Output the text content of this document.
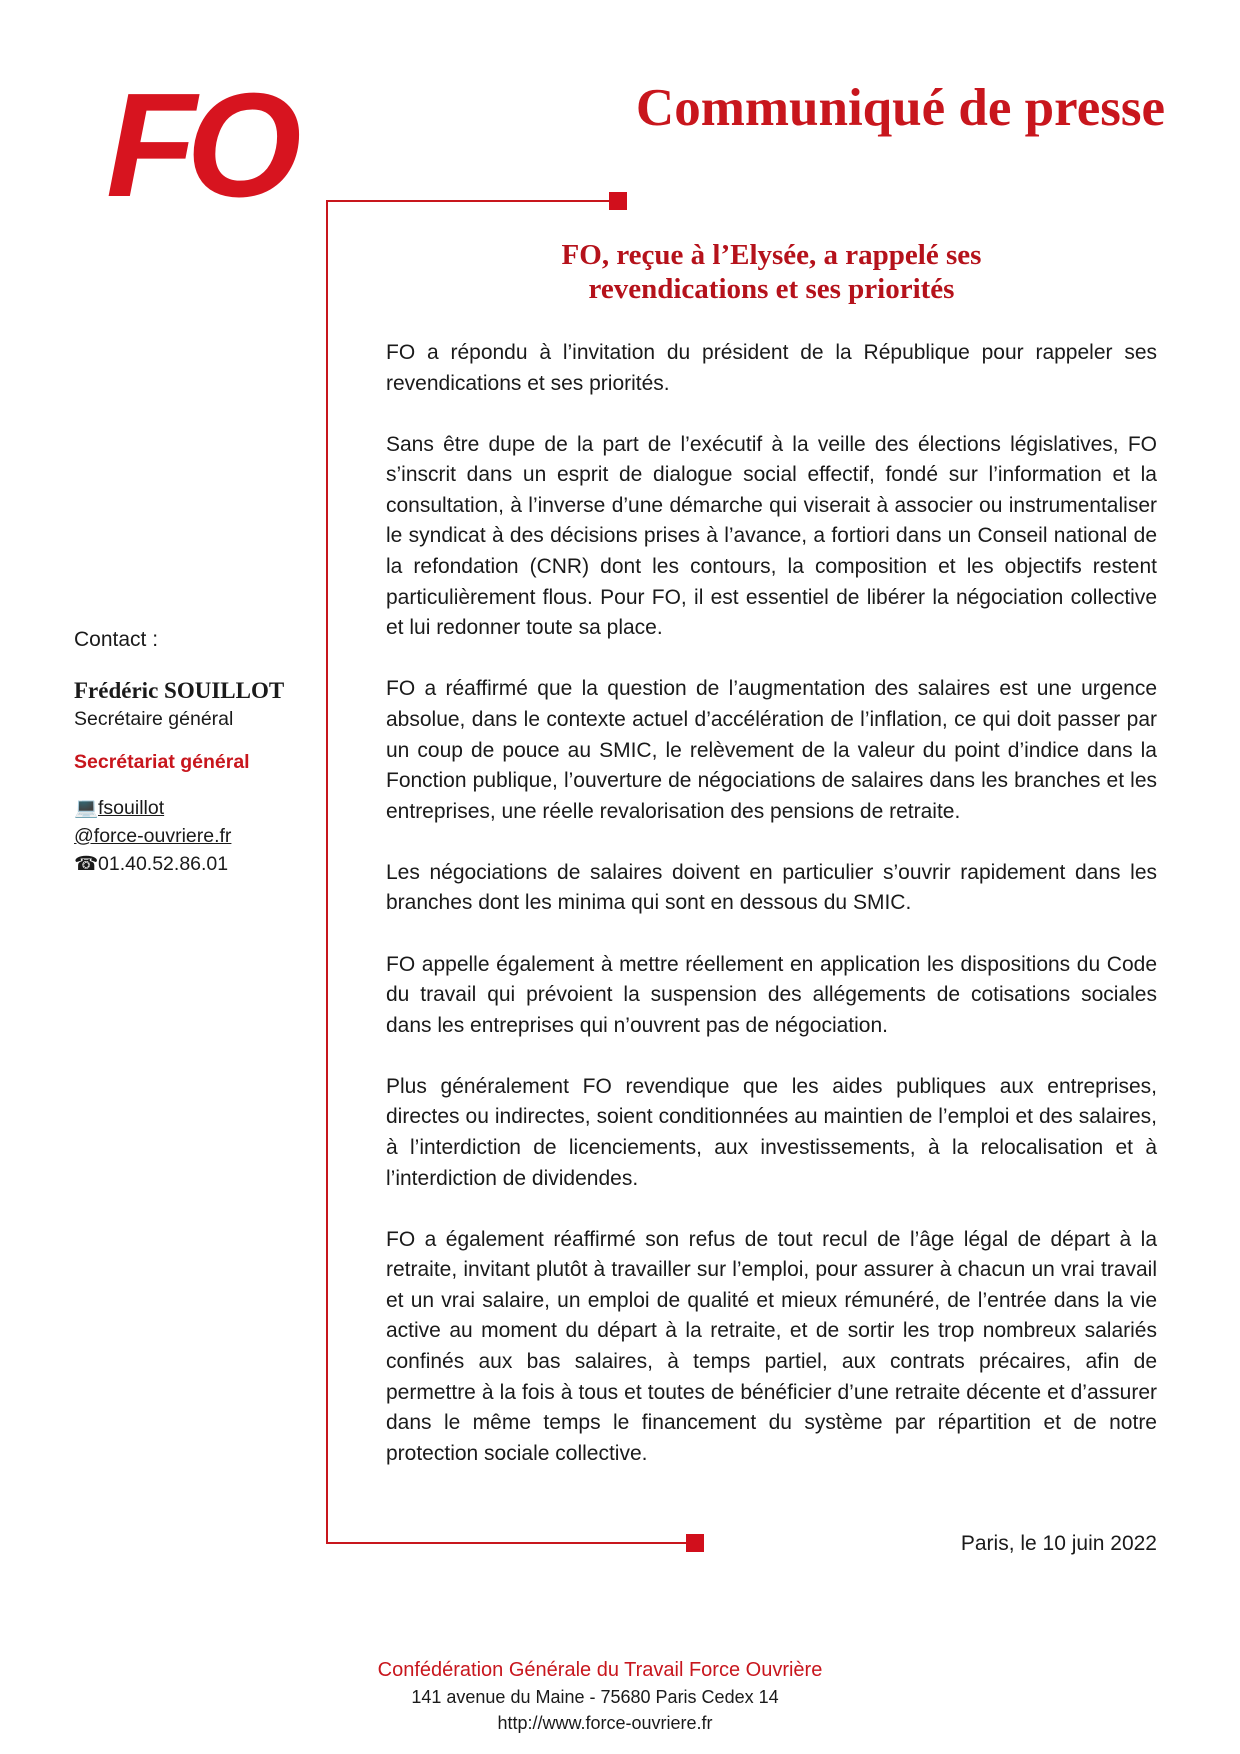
FO	Communiqué de presse

Contact :

Frédéric SOUILLOT

Secrétaire général

Secrétariat général

💻fsouillot
@force-ouvriere.fr
☎01.40.52.86.01
FO, reçue à l’Elysée, a rappelé ses
revendications et ses priorités

FO a répondu à l’invitation du président de la République pour rappeler ses revendications et ses priorités.

Sans être dupe de la part de l’exécutif à la veille des élections législatives, FO s’inscrit dans un esprit de dialogue social effectif, fondé sur l’information et la consultation, à l’inverse d’une démarche qui viserait à associer ou instrumentaliser le syndicat à des décisions prises à l’avance, a fortiori dans un Conseil national de la refondation (CNR) dont les contours, la composition et les objectifs restent particulièrement flous. Pour FO, il est essentiel de libérer la négociation collective et lui redonner toute sa place.

FO a réaffirmé que la question de l’augmentation des salaires est une urgence absolue, dans le contexte actuel d’accélération de l’inflation, ce qui doit passer par un coup de pouce au SMIC, le relèvement de la valeur du point d’indice dans la Fonction publique, l’ouverture de négociations de salaires dans les branches et les entreprises, une réelle revalorisation des pensions de retraite.

Les négociations de salaires doivent en particulier s’ouvrir rapidement dans les branches dont les minima qui sont en dessous du SMIC.

FO appelle également à mettre réellement en application les dispositions du Code du travail qui prévoient la suspension des allégements de cotisations sociales dans les entreprises qui n’ouvrent pas de négociation.

Plus généralement FO revendique que les aides publiques aux entreprises, directes ou indirectes, soient conditionnées au maintien de l’emploi et des salaires, à l’interdiction de licenciements, aux investissements, à la relocalisation et à l’interdiction de dividendes.

FO a également réaffirmé son refus de tout recul de l’âge légal de départ à la retraite, invitant plutôt à travailler sur l’emploi, pour assurer à chacun un vrai travail et un vrai salaire, un emploi de qualité et mieux rémunéré, de l’entrée dans la vie active au moment du départ à la retraite, et de sortir les trop nombreux salariés confinés aux bas salaires, à temps partiel, aux contrats précaires, afin de permettre à la fois à tous et toutes de bénéficier d’une retraite décente et d’assurer dans le même temps le financement du système par répartition et de notre protection sociale collective.

Paris, le 10 juin 2022

Confédération Générale du Travail Force Ouvrière

141 avenue du Maine - 75680 Paris Cedex 14

http://www.force-ouvriere.fr
